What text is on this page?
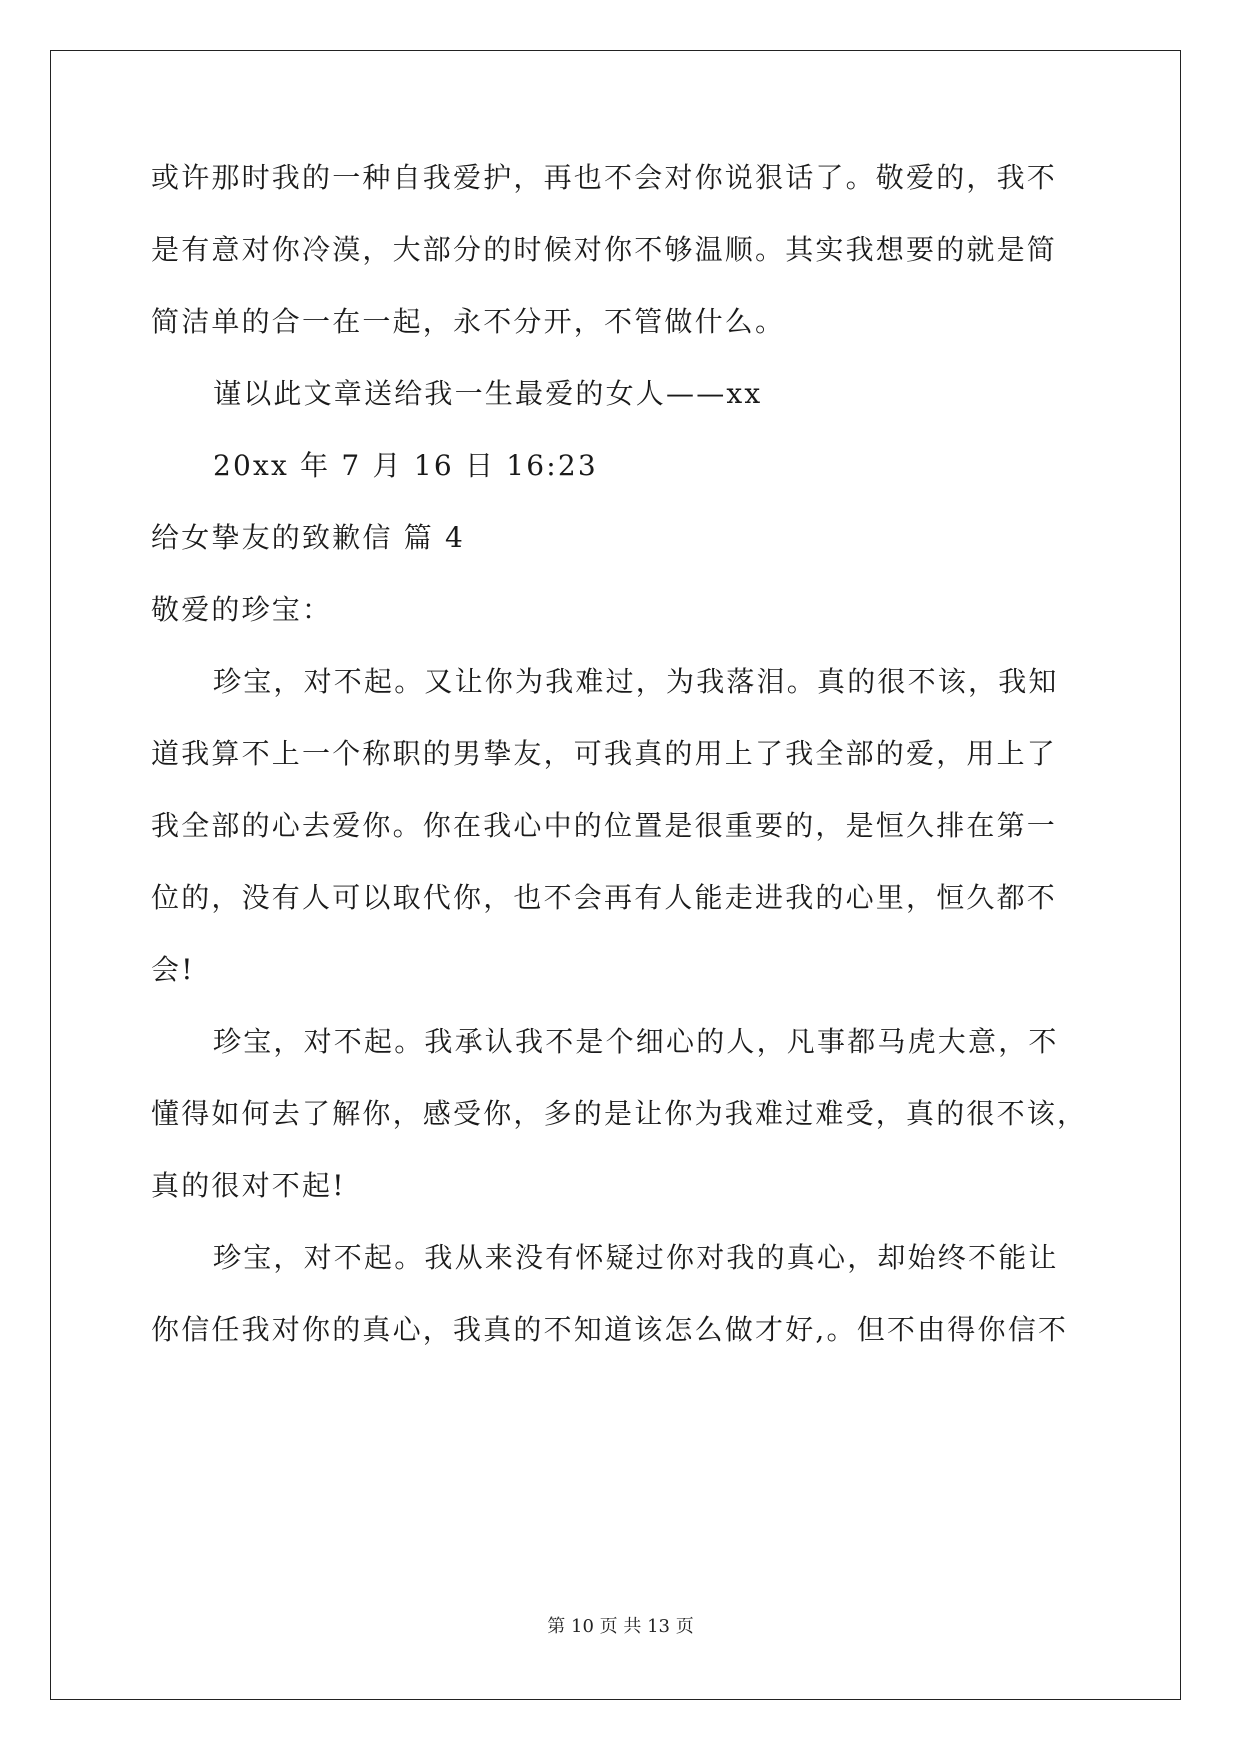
或许那时我的一种自我爱护，再也不会对你说狠话了。敬爱的，我不
是有意对你冷漠，大部分的时候对你不够温顺。其实我想要的就是简
简洁单的合一在一起，永不分开，不管做什么。
谨以此文章送给我一生最爱的女人——xx
20xx 年 7 月 16 日 16:23
给女挚友的致歉信 篇 4
敬爱的珍宝：
珍宝，对不起。又让你为我难过，为我落泪。真的很不该，我知
道我算不上一个称职的男挚友，可我真的用上了我全部的爱，用上了
我全部的心去爱你。你在我心中的位置是很重要的，是恒久排在第一
位的，没有人可以取代你，也不会再有人能走进我的心里，恒久都不
会!
珍宝，对不起。我承认我不是个细心的人，凡事都马虎大意，不
懂得如何去了解你，感受你，多的是让你为我难过难受，真的很不该，
真的很对不起!
珍宝，对不起。我从来没有怀疑过你对我的真心，却始终不能让
你信任我对你的真心，我真的不知道该怎么做才好,。但不由得你信不
第 10 页 共 13 页
